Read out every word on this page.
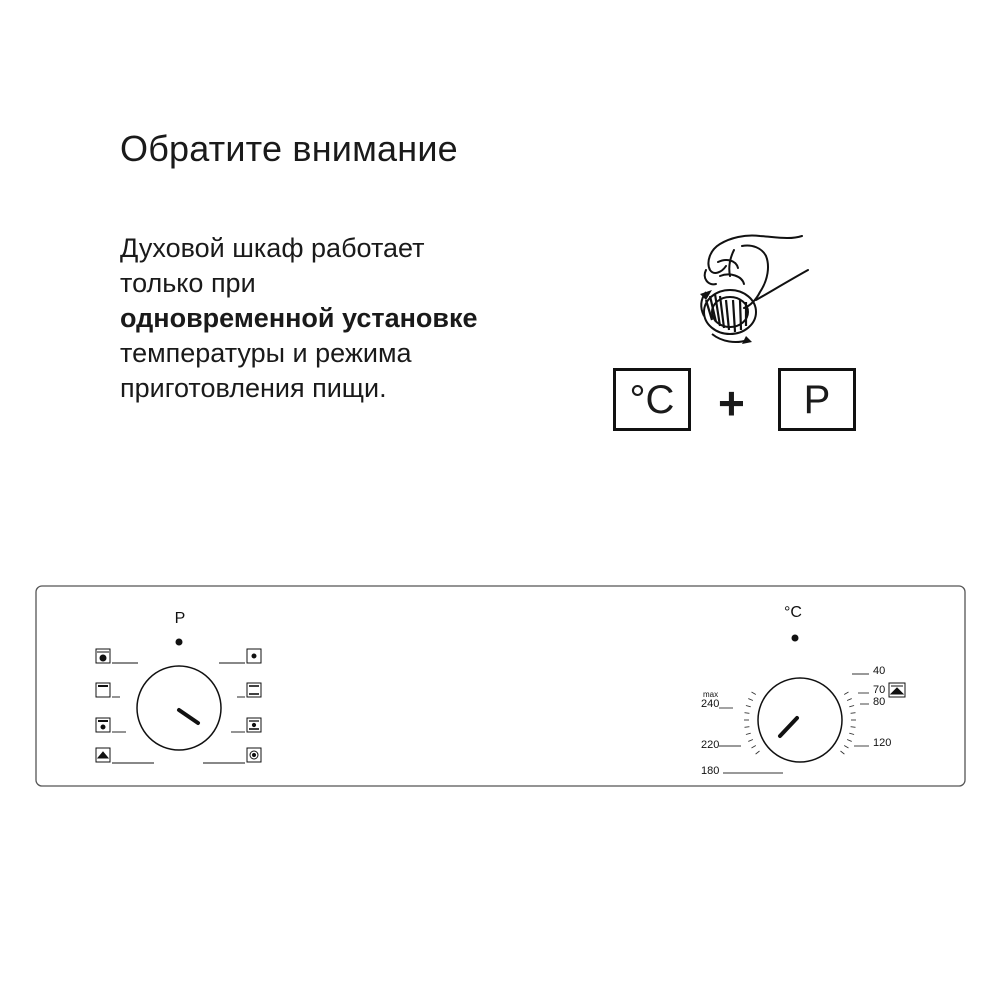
Обратите внимание
Духовой шкаф работает
только при
одновременной установке
температуры и режима
приготовления пищи.	°C +	P
P	°C
max
240
220
180
40
70
80
120
